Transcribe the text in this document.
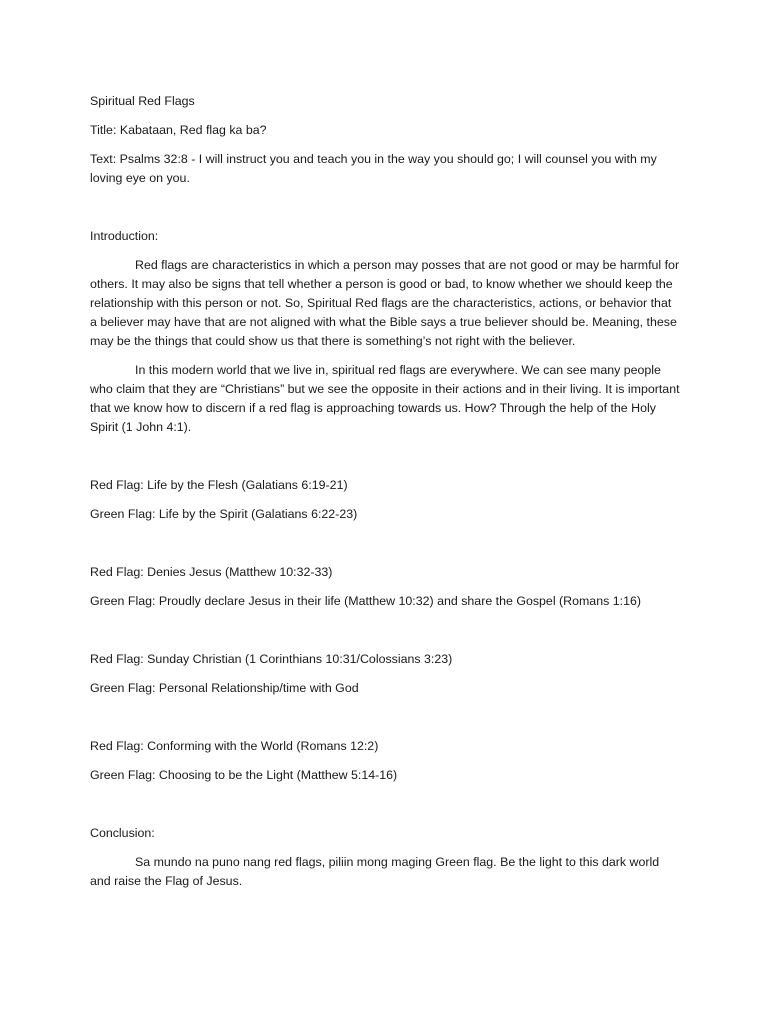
Spiritual Red Flags

Title: Kabataan, Red flag ka ba?

Text: Psalms 32:8 - I will instruct you and teach you in the way you should go; I will counsel you with my loving eye on you.

Introduction:

Red flags are characteristics in which a person may posses that are not good or may be harmful for others. It may also be signs that tell whether a person is good or bad, to know whether we should keep the relationship with this person or not. So, Spiritual Red flags are the characteristics, actions, or behavior that a believer may have that are not aligned with what the Bible says a true believer should be. Meaning, these may be the things that could show us that there is something’s not right with the believer.

In this modern world that we live in, spiritual red flags are everywhere. We can see many people who claim that they are “Christians” but we see the opposite in their actions and in their living. It is important that we know how to discern if a red flag is approaching towards us. How? Through the help of the Holy Spirit (1 John 4:1).

Red Flag: Life by the Flesh (Galatians 6:19-21)

Green Flag: Life by the Spirit (Galatians 6:22-23)

Red Flag: Denies Jesus (Matthew 10:32-33)

Green Flag: Proudly declare Jesus in their life (Matthew 10:32) and share the Gospel (Romans 1:16)

Red Flag: Sunday Christian (1 Corinthians 10:31/Colossians 3:23)

Green Flag: Personal Relationship/time with God

Red Flag: Conforming with the World (Romans 12:2)

Green Flag: Choosing to be the Light (Matthew 5:14-16)

Conclusion:

Sa mundo na puno nang red flags, piliin mong maging Green flag. Be the light to this dark world and raise the Flag of Jesus.
